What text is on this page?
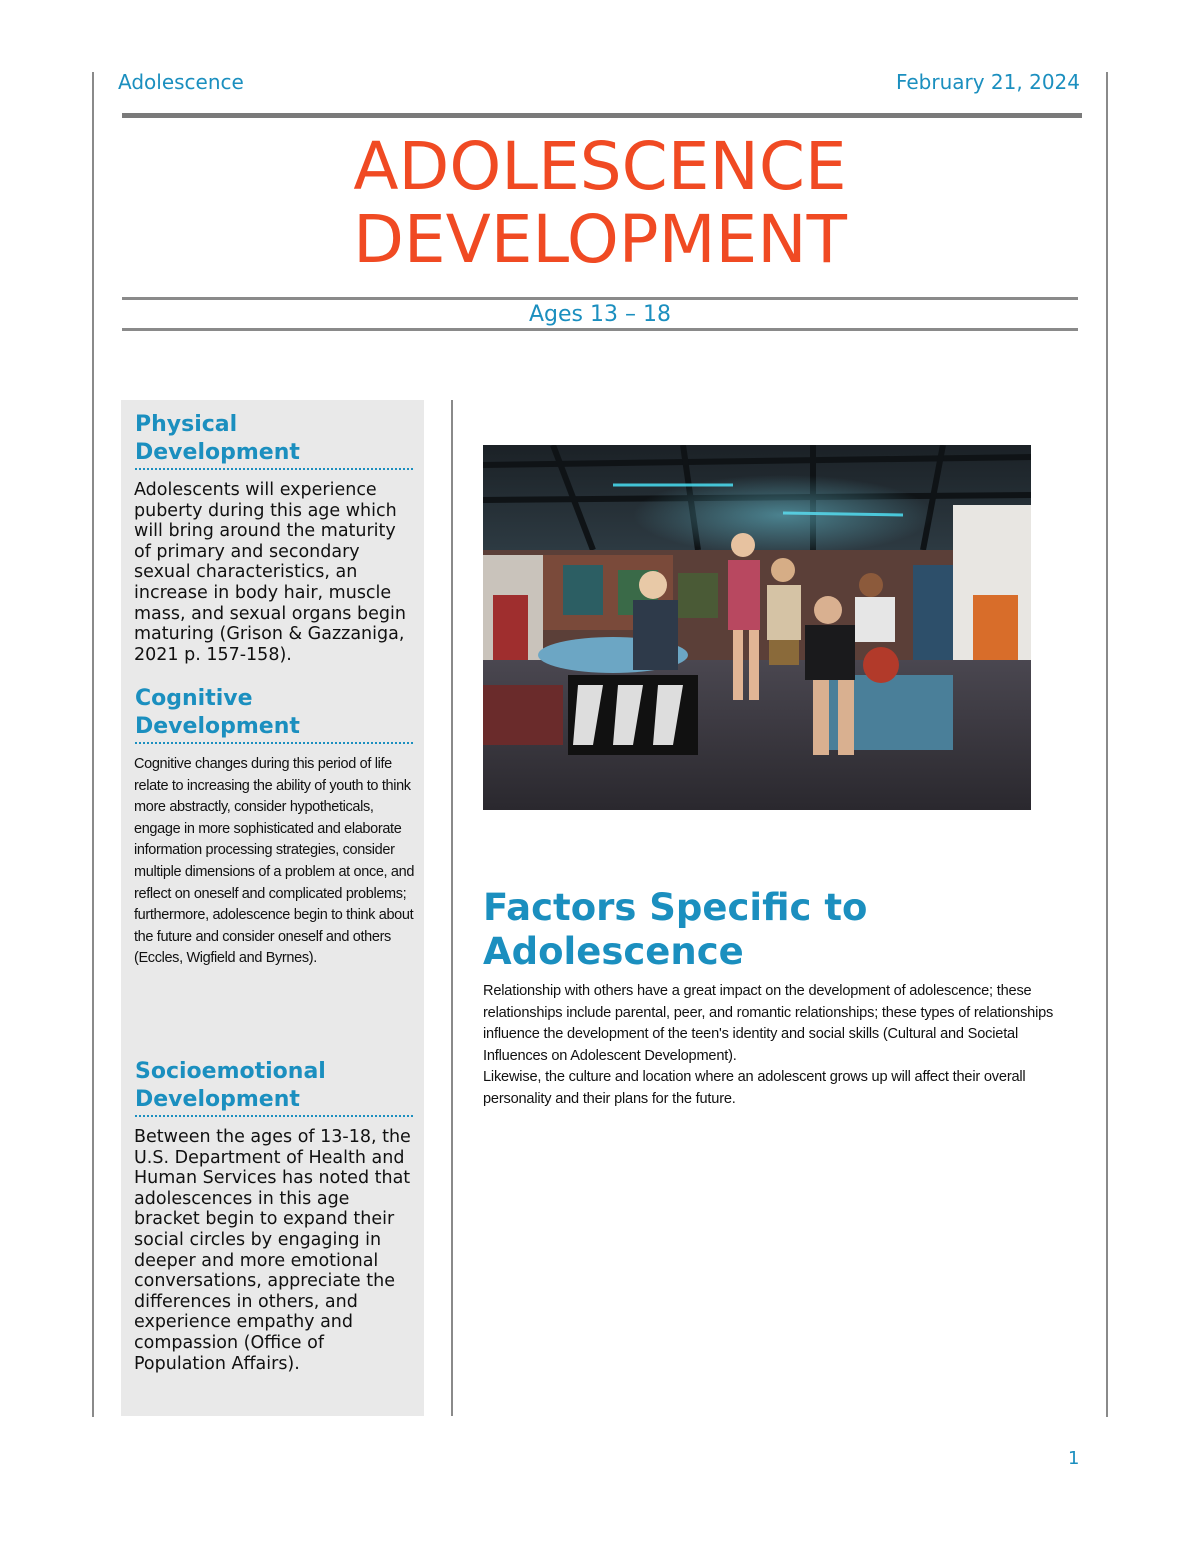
Adolescence	February 21, 2024
ADOLESCENCE
DEVELOPMENT
Ages 13 – 18
Physical
Development
Adolescents will experience puberty during this age which will bring around the maturity of primary and secondary sexual characteristics, an increase in body hair, muscle mass, and sexual organs begin maturing (Grison & Gazzaniga, 2021 p. 157-158).
Cognitive
Development
Cognitive changes during this period of life relate to increasing the ability of youth to think more abstractly, consider hypotheticals, engage in more sophisticated and elaborate information processing strategies, consider multiple dimensions of a problem at once, and reflect on oneself and complicated problems; furthermore, adolescence begin to think about the future and consider oneself and others (Eccles, Wigfield and Byrnes).
Socioemotional
Development
Between the ages of 13-18, the U.S. Department of Health and Human Services has noted that adolescences in this age bracket begin to expand their social circles by engaging in deeper and more emotional conversations, appreciate the differences in others, and experience empathy and compassion (Office of Population Affairs).
Factors Specific to
Adolescence

Relationship with others have a great impact on the development of adolescence; these relationships include parental, peer, and romantic relationships; these types of relationships influence the development of the teen's identity and social skills (Cultural and Societal Influences on Adolescent Development).

Likewise, the culture and location where an adolescent grows up will affect their overall personality and their plans for the future.

1
